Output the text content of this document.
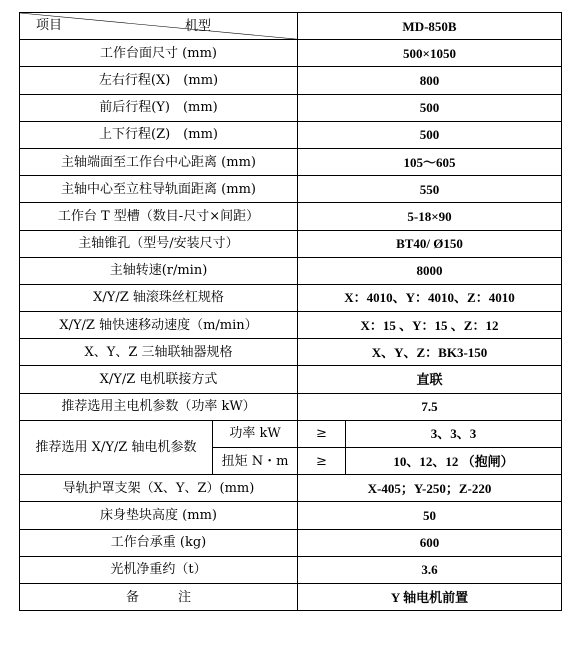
机型
项目		MD-850B	
工作台面尺寸 (mm)		500×1050	
左右行程(X)　(mm)		800	
前后行程(Y)　(mm)		500	
上下行程(Z)　(mm)		500	
主轴端面至工作台中心距离 (mm)		105～605	
主轴中心至立柱导轨面距离 (mm)		550	
工作台 T 型槽（数目-尺寸×间距）		5-18×90	
主轴锥孔（型号/安装尺寸）		BT40/ Ø150	
主轴转速(r/min)		8000	
X/Y/Z 轴滚珠丝杠规格		X：4010、Y：4010、Z：4010	
X/Y/Z 轴快速移动速度（m/min）		X：15 、Y：15 、Z：12	
X、Y、Z 三轴联轴器规格		X、Y、Z：BK3-150	
X/Y/Z 电机联接方式		直联	
推荐选用主电机参数（功率 kW）		7.5	
推荐选用 X/Y/Z 轴电机参数	功率 kW	≥	3、3、3
	扭矩 N・m	≥	10、12、12 （抱闸）
导轨护罩支架（X、Y、Z）(mm)		X-405；Y-250；Z-220	
床身垫块高度 (mm)		50	
工作台承重 (kg)		600	
光机净重约（t）		3.6	
备　　　注		Y 轴电机前置	
